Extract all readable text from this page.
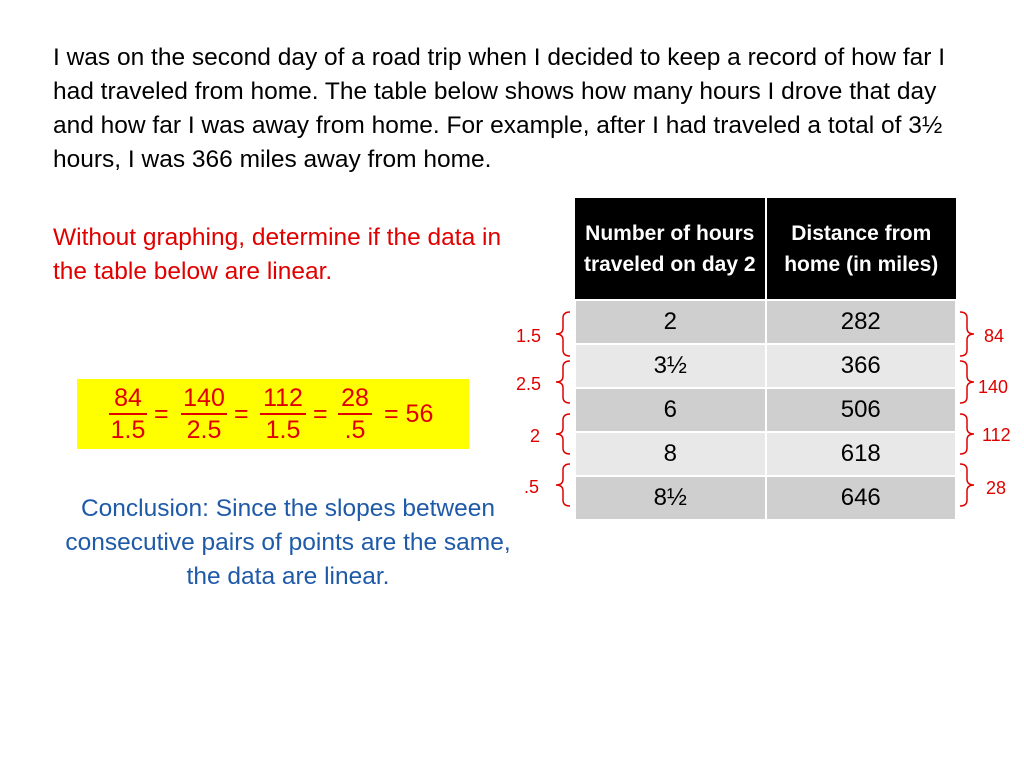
I was on the second day of a road trip when I decided to keep a record of how far I had traveled from home. The table below shows how many hours I drove that day and how far I was away from home. For example, after I had traveled a total of 3½ hours, I was 366 miles away from home.

Without graphing, determine if the data in the table below are linear.
84
1.5
=
140
2.5
=
112
1.5
=
28
.5
= 56
Conclusion: Since the slopes between consecutive pairs of points are the same, the data are linear.
Number of hours traveled on day 2	Distance from home (in miles)
2	282
3½	366
6	506
8	618
8½	646
1.5
2.5
2
.5
84
140
112
28
